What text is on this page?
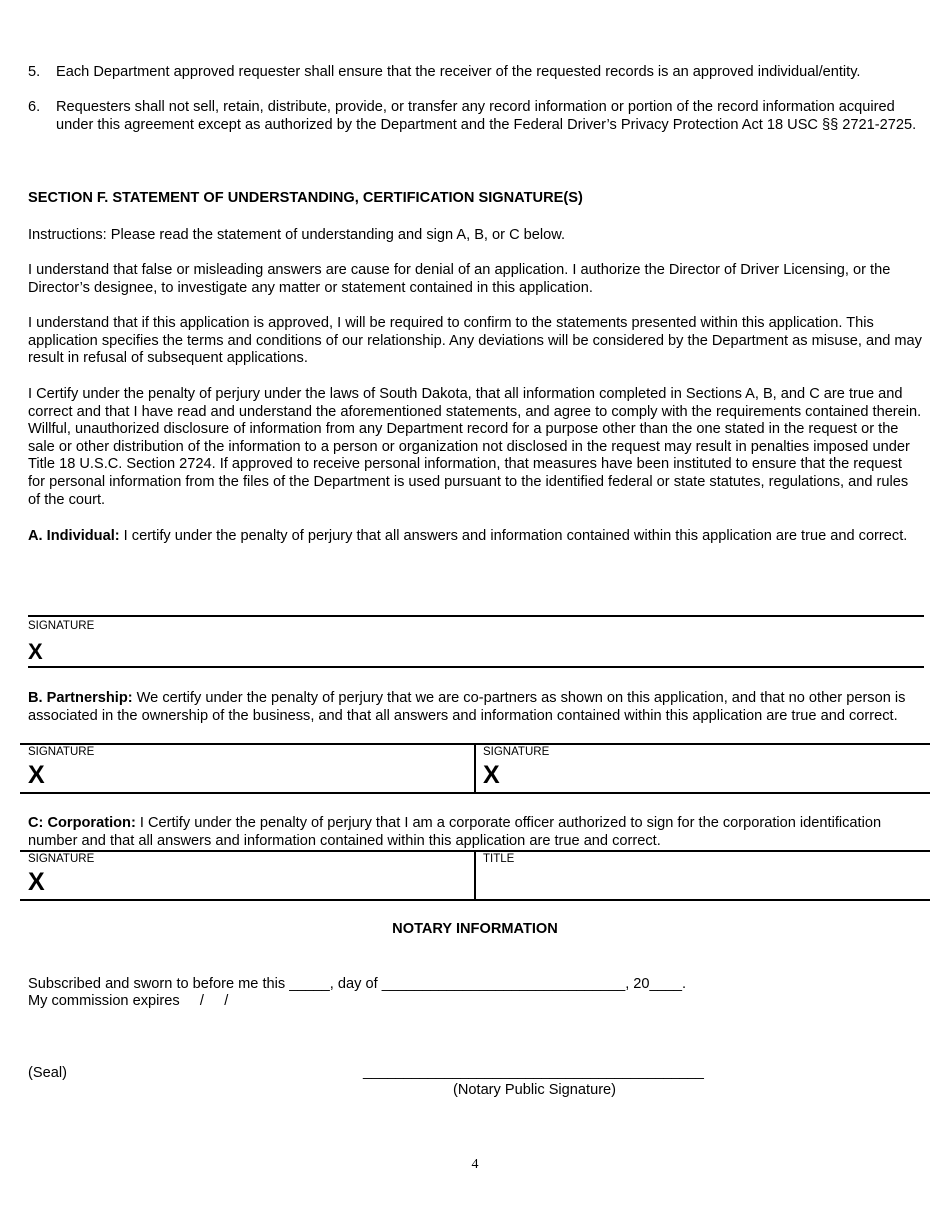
5. Each Department approved requester shall ensure that the receiver of the requested records is an approved individual/entity.
6. Requesters shall not sell, retain, distribute, provide, or transfer any record information or portion of the record information acquired under this agreement except as authorized by the Department and the Federal Driver’s Privacy Protection Act 18 USC §§ 2721-2725.
SECTION F. STATEMENT OF UNDERSTANDING, CERTIFICATION SIGNATURE(S)
Instructions: Please read the statement of understanding and sign A, B, or C below.
I understand that false or misleading answers are cause for denial of an application. I authorize the Director of Driver Licensing, or the Director’s designee, to investigate any matter or statement contained in this application.
I understand that if this application is approved, I will be required to confirm to the statements presented within this application. This application specifies the terms and conditions of our relationship. Any deviations will be considered by the Department as misuse, and may result in refusal of subsequent applications.
I Certify under the penalty of perjury under the laws of South Dakota, that all information completed in Sections A, B, and C are true and correct and that I have read and understand the aforementioned statements, and agree to comply with the requirements contained therein. Willful, unauthorized disclosure of information from any Department record for a purpose other than the one stated in the request or the sale or other distribution of the information to a person or organization not disclosed in the request may result in penalties imposed under Title 18 U.S.C. Section 2724. If approved to receive personal information, that measures have been instituted to ensure that the request for personal information from the files of the Department is used pursuant to the identified federal or state statutes, regulations, and rules of the court.
A. Individual: I certify under the penalty of perjury that all answers and information contained within this application are true and correct.
SIGNATURE
X
B. Partnership: We certify under the penalty of perjury that we are co-partners as shown on this application, and that no other person is associated in the ownership of the business, and that all answers and information contained within this application are true and correct.
SIGNATURE	SIGNATURE
X	X
C: Corporation: I Certify under the penalty of perjury that I am a corporate officer authorized to sign for the corporation identification number and that all answers and information contained within this application are true and correct.
SIGNATURE	TITLE
X
NOTARY INFORMATION
Subscribed and sworn to before me this _____, day of ______________________________, 20____.
My commission expires     /     /
(Seal)	__________________________________________
(Notary Public Signature)
4
